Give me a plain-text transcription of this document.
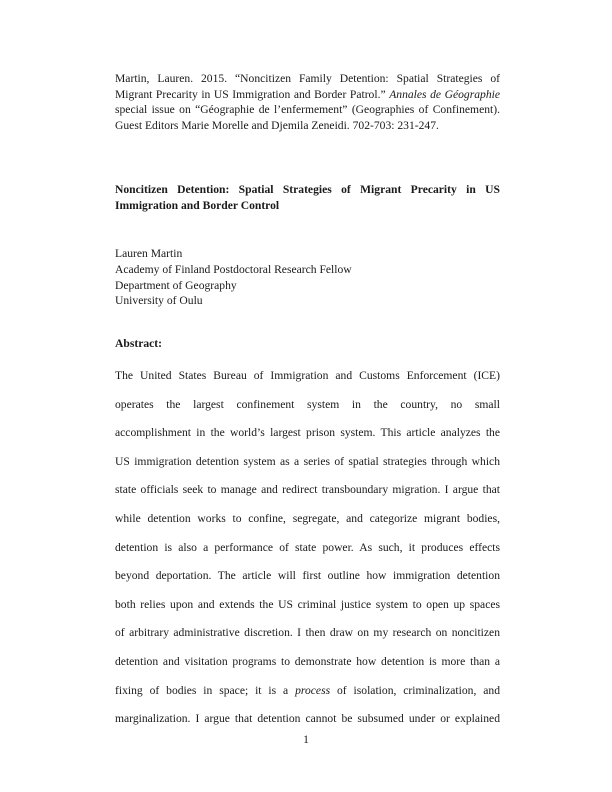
Martin, Lauren. 2015. “Noncitizen Family Detention: Spatial Strategies of Migrant Precarity in US Immigration and Border Patrol.” Annales de Géographie special issue on “Géographie de l’enfermement” (Geographies of Confinement). Guest Editors Marie Morelle and Djemila Zeneidi. 702-703: 231-247.

Noncitizen Detention: Spatial Strategies of Migrant Precarity in US Immigration and Border Control

Lauren Martin
Academy of Finland Postdoctoral Research Fellow
Department of Geography
University of Oulu
Abstract:
The United States Bureau of Immigration and Customs Enforcement (ICE)
operates the largest confinement system in the country, no small
accomplishment in the world’s largest prison system. This article analyzes the
US immigration detention system as a series of spatial strategies through which
state officials seek to manage and redirect transboundary migration. I argue that
while detention works to confine, segregate, and categorize migrant bodies,
detention is also a performance of state power. As such, it produces effects
beyond deportation. The article will first outline how immigration detention
both relies upon and extends the US criminal justice system to open up spaces
of arbitrary administrative discretion. I then draw on my research on noncitizen
detention and visitation programs to demonstrate how detention is more than a
fixing of bodies in space; it is a process of isolation, criminalization, and
marginalization. I argue that detention cannot be subsumed under or explained
1
